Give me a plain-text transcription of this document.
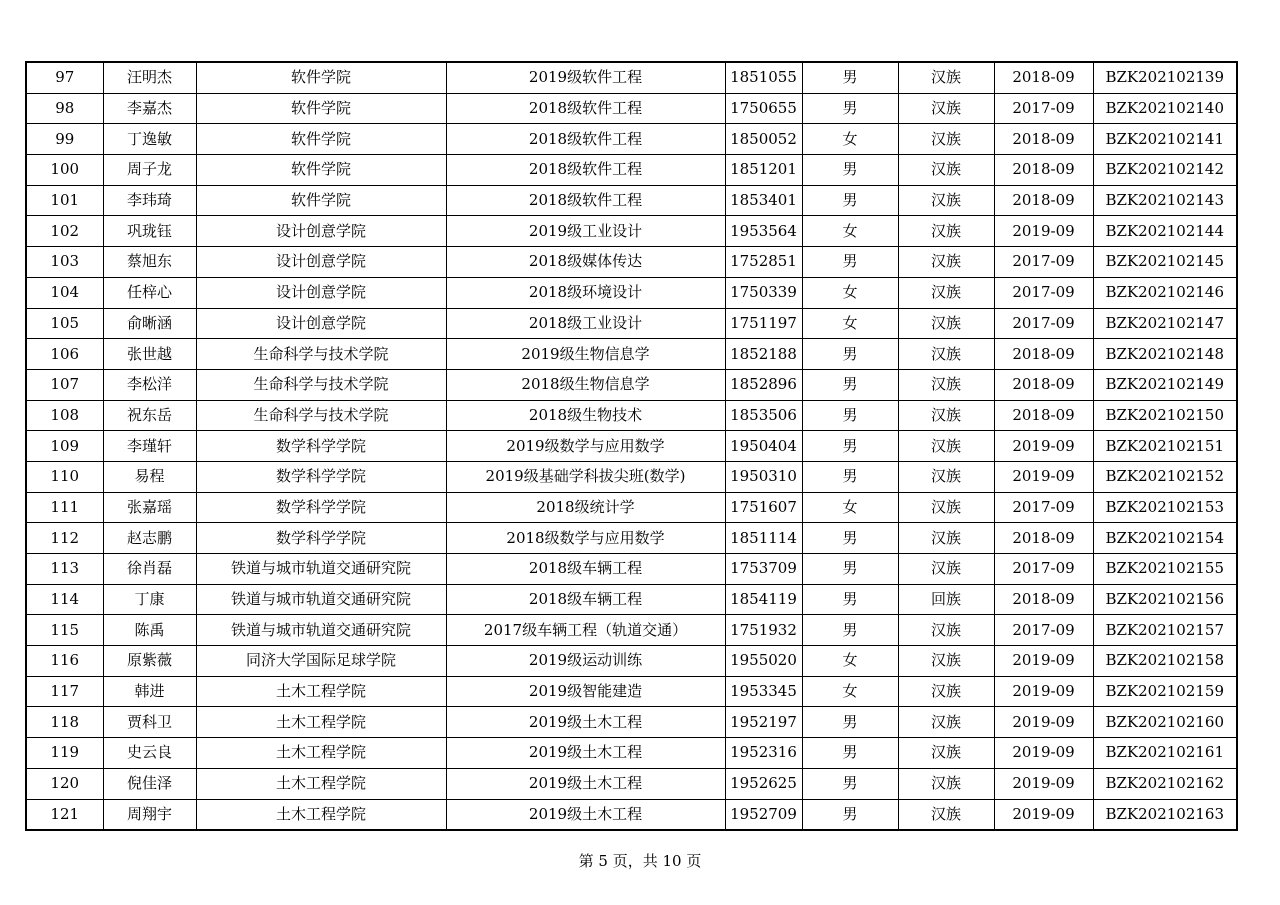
97	汪明杰	软件学院	2019级软件工程	1851055	男	汉族	2018-09	BZK202102139
98	李嘉杰	软件学院	2018级软件工程	1750655	男	汉族	2017-09	BZK202102140
99	丁逸敏	软件学院	2018级软件工程	1850052	女	汉族	2018-09	BZK202102141
100	周子龙	软件学院	2018级软件工程	1851201	男	汉族	2018-09	BZK202102142
101	李玮琦	软件学院	2018级软件工程	1853401	男	汉族	2018-09	BZK202102143
102	巩珑钰	设计创意学院	2019级工业设计	1953564	女	汉族	2019-09	BZK202102144
103	蔡旭东	设计创意学院	2018级媒体传达	1752851	男	汉族	2017-09	BZK202102145
104	任梓心	设计创意学院	2018级环境设计	1750339	女	汉族	2017-09	BZK202102146
105	俞晰涵	设计创意学院	2018级工业设计	1751197	女	汉族	2017-09	BZK202102147
106	张世越	生命科学与技术学院	2019级生物信息学	1852188	男	汉族	2018-09	BZK202102148
107	李松洋	生命科学与技术学院	2018级生物信息学	1852896	男	汉族	2018-09	BZK202102149
108	祝东岳	生命科学与技术学院	2018级生物技术	1853506	男	汉族	2018-09	BZK202102150
109	李瑾轩	数学科学学院	2019级数学与应用数学	1950404	男	汉族	2019-09	BZK202102151
110	易程	数学科学学院	2019级基础学科拔尖班(数学)	1950310	男	汉族	2019-09	BZK202102152
111	张嘉瑶	数学科学学院	2018级统计学	1751607	女	汉族	2017-09	BZK202102153
112	赵志鹏	数学科学学院	2018级数学与应用数学	1851114	男	汉族	2018-09	BZK202102154
113	徐肖磊	铁道与城市轨道交通研究院	2018级车辆工程	1753709	男	汉族	2017-09	BZK202102155
114	丁康	铁道与城市轨道交通研究院	2018级车辆工程	1854119	男	回族	2018-09	BZK202102156
115	陈禹	铁道与城市轨道交通研究院	2017级车辆工程（轨道交通）	1751932	男	汉族	2017-09	BZK202102157
116	原紫薇	同济大学国际足球学院	2019级运动训练	1955020	女	汉族	2019-09	BZK202102158
117	韩进	土木工程学院	2019级智能建造	1953345	女	汉族	2019-09	BZK202102159
118	贾科卫	土木工程学院	2019级土木工程	1952197	男	汉族	2019-09	BZK202102160
119	史云良	土木工程学院	2019级土木工程	1952316	男	汉族	2019-09	BZK202102161
120	倪佳泽	土木工程学院	2019级土木工程	1952625	男	汉族	2019-09	BZK202102162
121	周翔宇	土木工程学院	2019级土木工程	1952709	男	汉族	2019-09	BZK202102163
第 5 页，共 10 页
